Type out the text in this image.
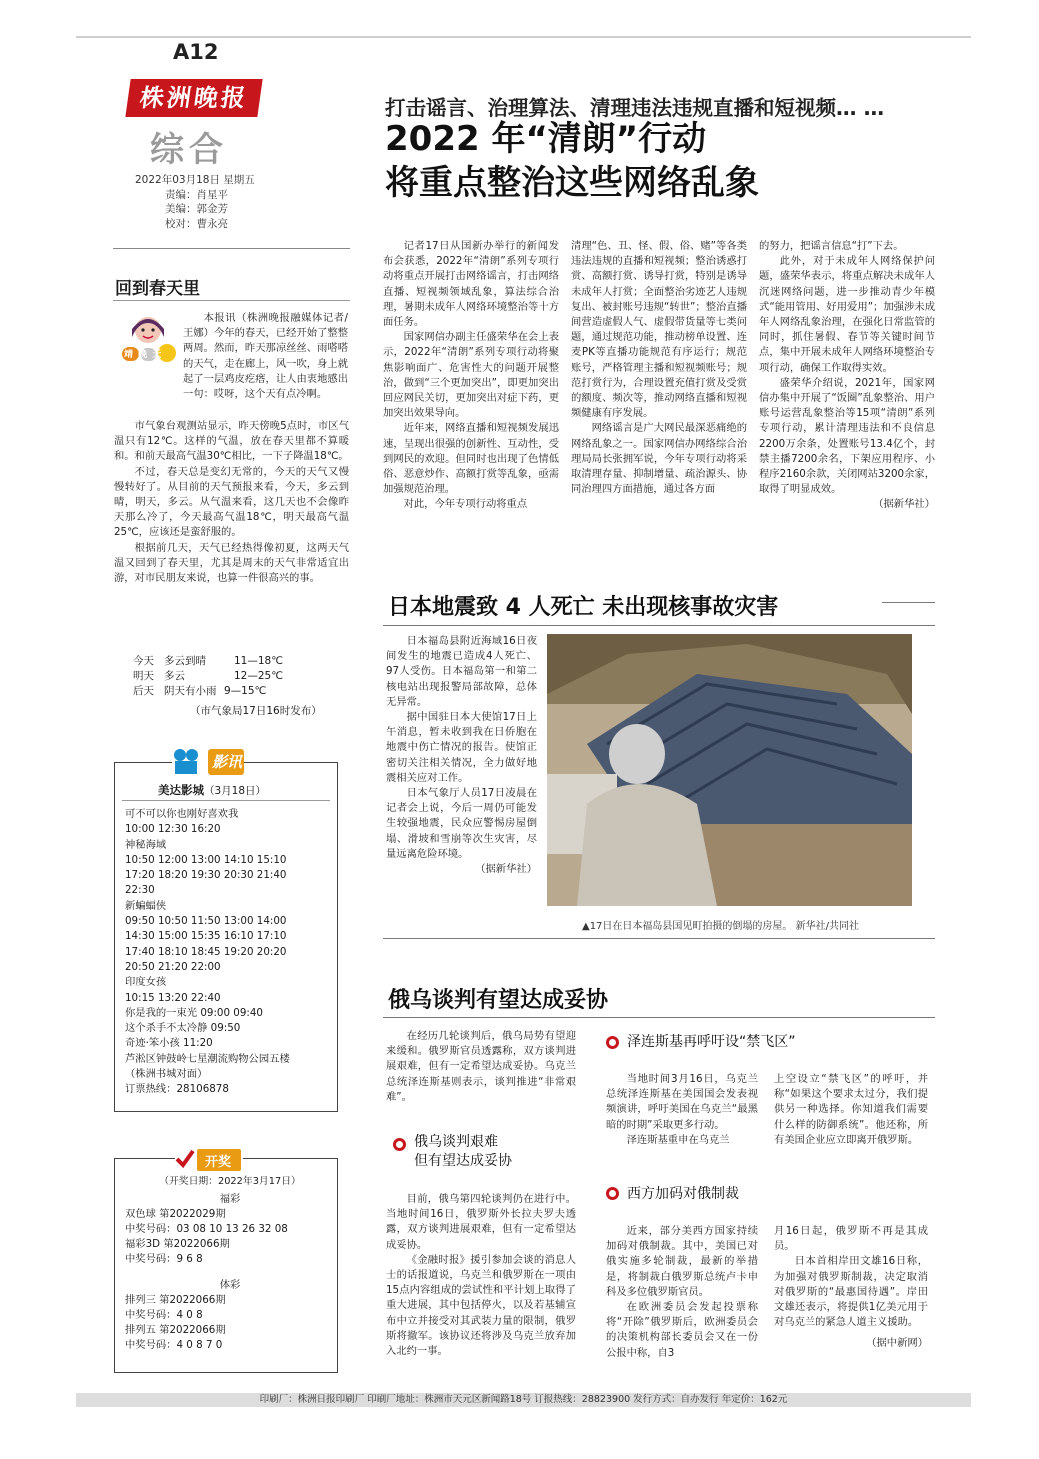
A12
株洲晚报
综合
2022年03月18日 星期五
责编：肖星平
美编：郭金芳
校对：曹永亮
打击谣言、治理算法、清理违法违规直播和短视频… …
2022 年“清朗”行动
将重点整治这些网络乱象

记者17日从国新办举行的新闻发布会获悉，2022年“清朗”系列专项行动将重点开展打击网络谣言，打击网络直播、短视频领域乱象，算法综合治理，暑期未成年人网络环境整治等十方面任务。

国家网信办副主任盛荣华在会上表示，2022年“清朗”系列专项行动将聚焦影响面广、危害性大的问题开展整治，做到“三个更加突出”，即更加突出回应网民关切，更加突出对症下药，更加突出效果导向。

近年来，网络直播和短视频发展迅速，呈现出很强的创新性、互动性，受到网民的欢迎。但同时也出现了色情低俗、恶意炒作、高额打赏等乱象，亟需加强规范治理。

对此，今年专项行动将重点

清理“色、丑、怪、假、俗、赌”等各类违法违规的直播和短视频；整治诱惑打赏、高额打赏、诱导打赏，特别是诱导未成年人打赏；全面整治劣迹艺人违规复出、被封账号违规“转世”；整治直播间营造虚假人气、虚假带货量等七类问题，通过规范功能，推动榜单设置、连麦PK等直播功能规范有序运行；规范账号，严格管理主播和短视频账号；规范打赏行为，合理设置充值打赏及受赏的额度、频次等，推动网络直播和短视频健康有序发展。

网络谣言是广大网民最深恶痛绝的网络乱象之一。国家网信办网络综合治理局局长张拥军说，今年专项行动将采取清理存量、抑制增量、疏治源头、协同治理四方面措施，通过各方面

的努力，把谣言信息“打”下去。

此外，对于未成年人网络保护问题，盛荣华表示，将重点解决未成年人沉迷网络问题，进一步推动青少年模式“能用管用、好用爱用”；加强涉未成年人网络乱象治理，在强化日常监管的同时，抓住暑假、春节等关键时间节点，集中开展未成年人网络环境整治专项行动，确保工作取得实效。

盛荣华介绍说，2021年，国家网信办集中开展了“饭圈”乱象整治、用户账号运营乱象整治等15项“清朗”系列专项行动，累计清理违法和不良信息2200万余条，处置账号13.4亿个，封禁主播7200余名，下架应用程序、小程序2160余款，关闭网站3200余家，取得了明显成效。

（据新华社）

回到春天里
靖 晚 天

本报讯（株洲晚报融媒体记者/王娜）今年的春天，已经开始了整整两周。然而，昨天那凉丝丝、雨嗒嗒的天气，走在廊上，风一吹，身上就起了一层鸡皮疙瘩，让人由衷地感出一句：哎呀，这个天有点冷啊。

市气象台观测站显示，昨天傍晚5点时，市区气温只有12℃。这样的气温，放在春天里都不算暖和。和前天最高气温30℃相比，一下子降温18℃。

不过，春天总是变幻无常的，今天的天气又慢慢转好了。从目前的天气预报来看，今天，多云到晴，明天，多云。从气温来看，这几天也不会像昨天那么冷了，今天最高气温18℃，明天最高气温25℃，应该还是蛮舒服的。

根据前几天，天气已经热得像初夏，这两天气温又回到了春天里，尤其是周末的天气非常适宜出游，对市民朋友来说，也算一件很高兴的事。

今天 多云到晴	11—18℃
明天 多云	12—25℃
后天 阴天有小雨 9—15℃
（市气象局17日16时发布）
影讯
美达影城（3月18日）
可不可以你也刚好喜欢我
10:00 12:30 16:20
神秘海域
10:50 12:00 13:00 14:10 15:10
17:20 18:20 19:30 20:30 21:40
22:30
新蝙蝠侠
09:50 10:50 11:50 13:00 14:00
14:30 15:00 15:35 16:10 17:10
17:40 18:10 18:45 19:20 20:20
20:50 21:20 22:00
印度女孩
10:15 13:20 22:40
你是我的一束光 09:00 09:40
这个杀手不太冷静 09:50
奇迹·笨小孩 11:20
芦淞区钟鼓岭七星潮流购物公园五楼
（株洲书城对面）
订票热线：28106878
开奖
（开奖日期：2022年3月17日）
福彩
双色球 第2022029期
中奖号码：03 08 10 13 26 32 08
福彩3D 第2022066期
中奖号码：9 6 8
体彩
排列三 第2022066期
中奖号码：4 0 8
排列五 第2022066期
中奖号码：4 0 8 7 0
日本地震致 4 人死亡 未出现核事故灾害

日本福岛县附近海域16日夜间发生的地震已造成4人死亡、97人受伤。日本福岛第一和第二核电站出现报警局部故障，总体无异常。

据中国驻日本大使馆17日上午消息，暂未收到我在日侨胞在地震中伤亡情况的报告。使馆正密切关注相关情况，全力做好地震相关应对工作。

日本气象厅人员17日凌晨在记者会上说，今后一周仍可能发生较强地震，民众应警惕房屋倒塌、滑坡和雪崩等次生灾害，尽量远离危险环境。

（据新华社）

▲17日在日本福岛县国见町拍摄的倒塌的房屋。 新华社/共同社
俄乌谈判有望达成妥协

在经历几轮谈判后，俄乌局势有望迎来缓和。俄罗斯官员透露称，双方谈判进展艰难，但有一定希望达成妥协。乌克兰总统泽连斯基则表示，谈判推进“非常艰难”。

俄乌谈判艰难
但有望达成妥协

目前，俄乌第四轮谈判仍在进行中。当地时间16日，俄罗斯外长拉夫罗夫透露，双方谈判进展艰难，但有一定希望达成妥协。

《金融时报》援引参加会谈的消息人士的话报道说，乌克兰和俄罗斯在一项由15点内容组成的尝试性和平计划上取得了重大进展，其中包括停火，以及若基辅宣布中立并接受对其武装力量的限制，俄罗斯将撤军。该协议还将涉及乌克兰放弃加入北约一事。

泽连斯基再呼吁设“禁飞区”

当地时间3月16日，乌克兰总统泽连斯基在美国国会发表视频演讲，呼吁美国在乌克兰“最黑暗的时期”采取更多行动。

泽连斯基重申在乌克兰

上空设立“禁飞区”的呼吁，并称“如果这个要求太过分，我们提供另一种选择。你知道我们需要什么样的防御系统”。他还称，所有美国企业应立即离开俄罗斯。

西方加码对俄制裁

近来，部分美西方国家持续加码对俄制裁。其中，美国已对俄实施多轮制裁，最新的举措是，将制裁白俄罗斯总统卢卡申科及多位俄罗斯官员。

在欧洲委员会发起投票称将“开除”俄罗斯后，欧洲委员会的决策机构部长委员会又在一份公报中称，自3

月16日起，俄罗斯不再是其成员。

日本首相岸田文雄16日称，为加强对俄罗斯制裁，决定取消对俄罗斯的“最惠国待遇”。岸田文雄还表示，将提供1亿美元用于对乌克兰的紧急人道主义援助。

（据中新网）

印刷厂：株洲日报印刷厂 印刷厂地址：株洲市天元区新闻路18号 订报热线：28823900 发行方式：自办发行 年定价：162元
